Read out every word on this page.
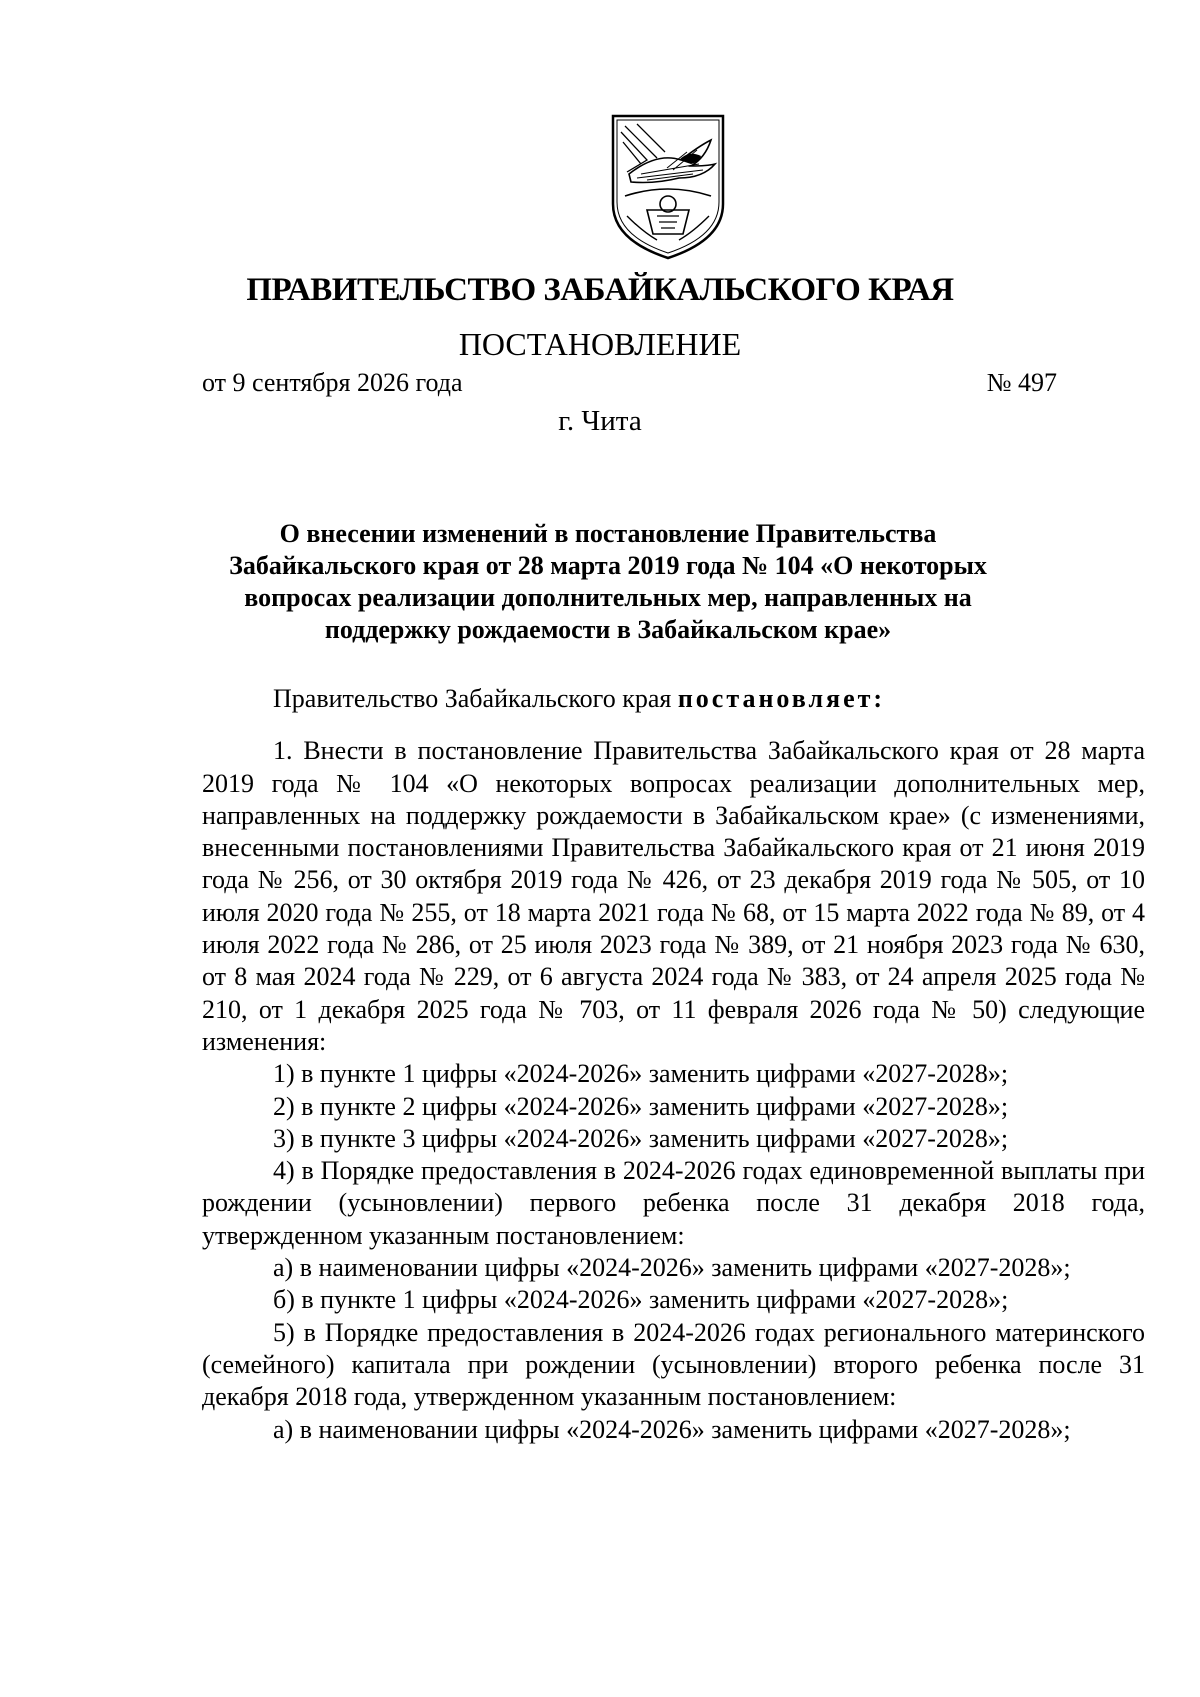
ПРАВИТЕЛЬСТВО ЗАБАЙКАЛЬСКОГО КРАЯ
ПОСТАНОВЛЕНИЕ
от 9 сентября 2026 года	№ 497
г. Чита
О внесении изменений в постановление Правительства Забайкальского края от 28 марта 2019 года № 104 «О некоторых вопросах реализации дополнительных мер, направленных на поддержку рождаемости в Забайкальском крае»

Правительство Забайкальского края постановляет:

1. Внести в постановление Правительства Забайкальского края от 28 марта 2019 года № 104 «О некоторых вопросах реализации дополнительных мер, направленных на поддержку рождаемости в Забайкальском крае» (с изменениями, внесенными постановлениями Правительства Забайкальского края от 21 июня 2019 года № 256, от 30 октября 2019 года № 426, от 23 декабря 2019 года № 505, от 10 июля 2020 года № 255, от 18 марта 2021 года № 68, от 15 марта 2022 года № 89, от 4 июля 2022 года № 286, от 25 июля 2023 года № 389, от 21 ноября 2023 года № 630, от 8 мая 2024 года № 229, от 6 августа 2024 года № 383, от 24 апреля 2025 года № 210, от 1 декабря 2025 года № 703, от 11 февраля 2026 года № 50) следующие изменения:

1) в пункте 1 цифры «2024-2026» заменить цифрами «2027-2028»;

2) в пункте 2 цифры «2024-2026» заменить цифрами «2027-2028»;

3) в пункте 3 цифры «2024-2026» заменить цифрами «2027-2028»;

4) в Порядке предоставления в 2024-2026 годах единовременной выплаты при рождении (усыновлении) первого ребенка после 31 декабря 2018 года, утвержденном указанным постановлением:

а) в наименовании цифры «2024-2026» заменить цифрами «2027-2028»;

б) в пункте 1 цифры «2024-2026» заменить цифрами «2027-2028»;

5) в Порядке предоставления в 2024-2026 годах регионального материнского (семейного) капитала при рождении (усыновлении) второго ребенка после 31 декабря 2018 года, утвержденном указанным постановлением:

а) в наименовании цифры «2024-2026» заменить цифрами «2027-2028»;
